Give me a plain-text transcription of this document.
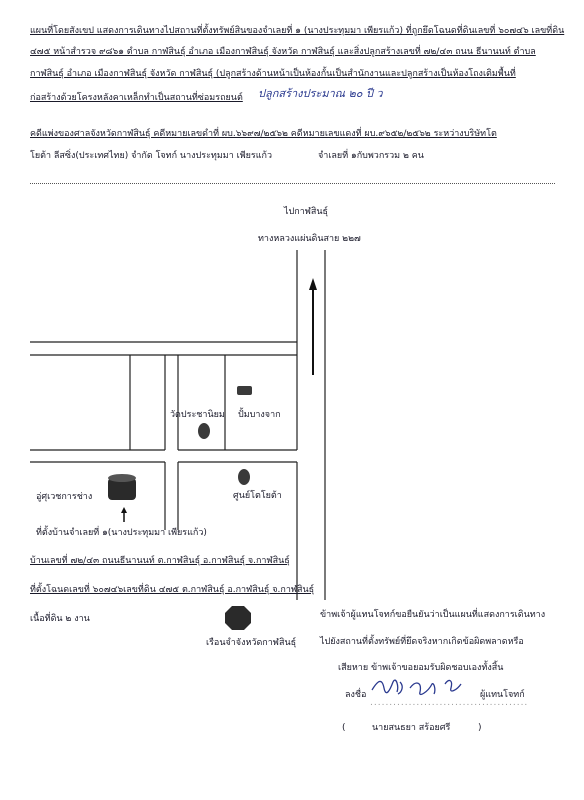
แผนที่โดยสังเขป แสดงการเดินทางไปสถานที่ตั้งทรัพย์สินของจำเลยที่ ๑ (นางประทุมมา เพียรแก้ว) ที่ถูกยึดโฉนดที่ดินเลขที่ ๖๐๗๔๖ เลขที่ดิน
๔๗๕ หน้าสำรวจ ๙๘๖๑ ตำบล กาฬสินธุ์ อำเภอ เมืองกาฬสินธุ์ จังหวัด กาฬสินธุ์ และสิ่งปลูกสร้างเลขที่ ๗๒/๔๓ ถนน ธีนานนท์ ตำบล
กาฬสินธุ์ อำเภอ เมืองกาฬสินธุ์ จังหวัด กาฬสินธุ์ (ปลูกสร้างด้านหน้าเป็นห้องกั้นเป็นสำนักงานและปลูกสร้างเป็นห้องโถงเติมพื้นที่
ก่อสร้างด้วยโครงหลังคาเหล็กทำเป็นสถานที่ซ่อมรถยนต์ ปลูกสร้างประมาณ ๒๐ ปี ว
คดีแพ่งของศาลจังหวัดกาฬสินธุ์ คดีหมายเลขดำที่ ผบ.๖๖๙๗/๒๕๖๒ คดีหมายเลขแดงที่ ผบ.๙๖๕๒/๒๕๖๒ ระหว่างบริษัทโต
โยต้า ลีสซิ่ง(ประเทศไทย) จำกัด โจทก์ นางประทุมมา เพียรแก้ว	จำเลยที่ ๑กับพวกรวม ๒ คน
ไปกาฬสินธุ์
ทางหลวงแผ่นดินสาย ๒๒๗
วัดประชานิยม ปั้มบางจาก
อู่ศุเวชการช่าง	ศูนย์โตโยต้า
ที่ตั้งบ้านจำเลยที่ ๑(นางประทุมมา เพียรแก้ว)
เรือนจำจังหวัดกาฬสินธุ์
บ้านเลขที่ ๗๒/๔๓ ถนนธีนานนท์ ต.กาฬสินธุ์ อ.กาฬสินธุ์ จ.กาฬสินธุ์
ที่ตั้งโฉนดเลขที่ ๖๐๗๔๖เลขที่ดิน ๔๗๕ ต.กาฬสินธุ์ อ.กาฬสินธุ์ จ.กาฬสินธุ์
เนื้อที่ดิน ๒ งาน	ข้าพเจ้าผู้แทนโจทก์ขอยืนยันว่าเป็นแผนที่แสดงการเดินทาง
ไปยังสถานที่ตั้งทรัพย์ที่ยึดจริงหากเกิดข้อผิดพลาดหรือ
เสียหาย ข้าพเจ้าขอยอมรับผิดชอบเองทั้งสิ้น
ลงชื่อ
.........................................
ผู้แทนโจทก์
(	นายสนธยา สร้อยศรี	)
